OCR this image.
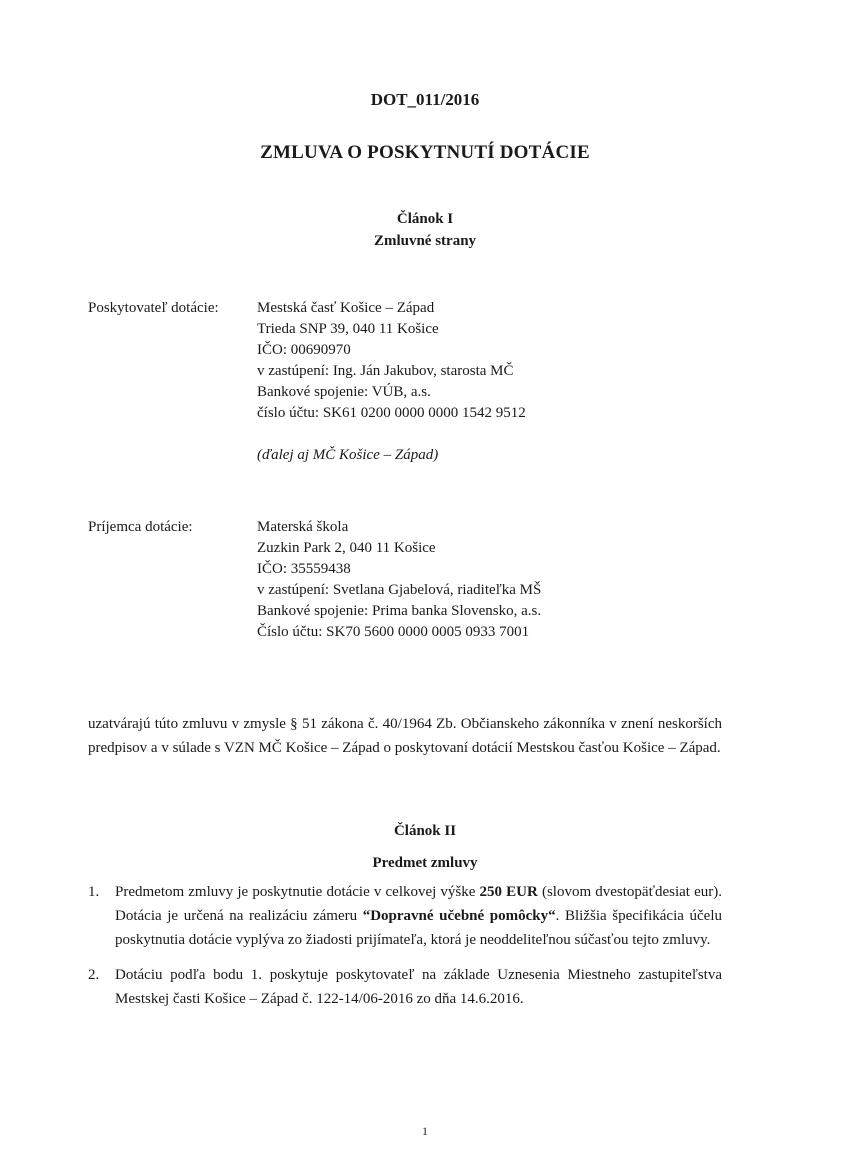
DOT_011/2016
ZMLUVA O POSKYTNUTÍ DOTÁCIE
Článok I
Zmluvné strany
Poskytovateľ dotácie:	Mestská časť Košice – Západ
Trieda SNP 39, 040 11 Košice
IČO: 00690970
v zastúpení: Ing. Ján Jakubov, starosta MČ
Bankové spojenie: VÚB, a.s.
číslo účtu: SK61 0200 0000 0000 1542 9512
(ďalej aj MČ Košice – Západ)
Príjemca dotácie:	Materská škola
Zuzkin Park 2, 040 11 Košice
IČO: 35559438
v zastúpení: Svetlana Gjabelová, riaditeľka MŠ
Bankové spojenie: Prima banka Slovensko, a.s.
Číslo účtu: SK70 5600 0000 0005 0933 7001
uzatvárajú túto zmluvu v zmysle § 51 zákona č. 40/1964 Zb. Občianskeho zákonníka v znení neskorších predpisov a v súlade s VZN MČ Košice – Západ o poskytovaní dotácií Mestskou časťou Košice – Západ.
Článok II
Predmet zmluvy
1. Predmetom zmluvy je poskytnutie dotácie v celkovej výške 250 EUR (slovom dvestopäťdesiat eur). Dotácia je určená na realizáciu zámeru “Dopravné učebné pomôcky“. Bližšia špecifikácia účelu poskytnutia dotácie vyplýva zo žiadosti prijímateľa, ktorá je neoddeliteľnou súčasťou tejto zmluvy.
2. Dotáciu podľa bodu 1. poskytuje poskytovateľ na základe Uznesenia Miestneho zastupiteľstva Mestskej časti Košice – Západ č. 122-14/06-2016 zo dňa 14.6.2016.
1
